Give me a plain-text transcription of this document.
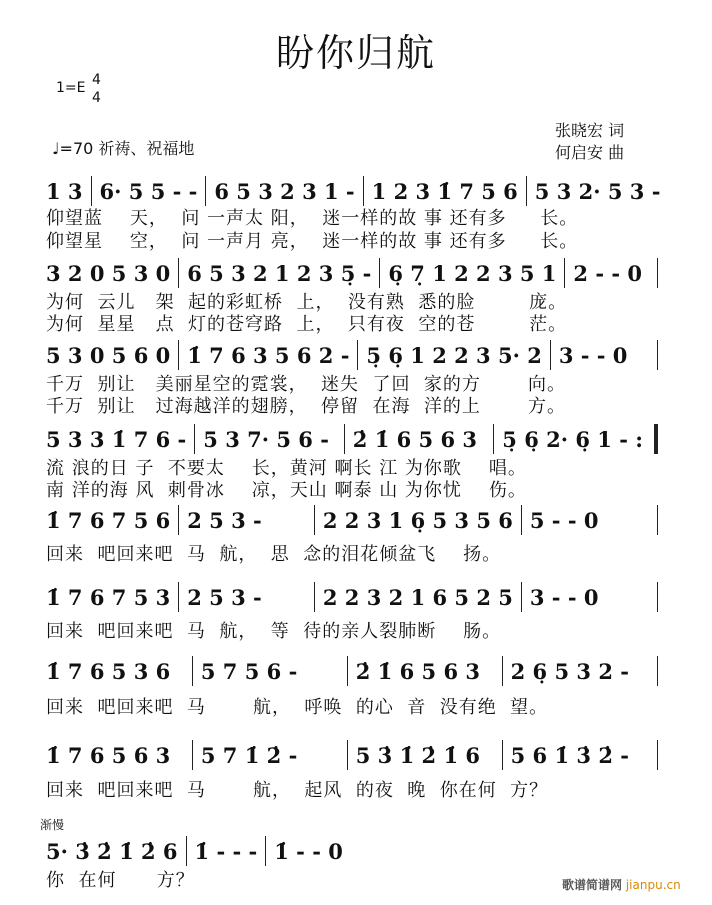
盼你归航
1=E 4
4
♩=70 祈祷、祝福地
张晓宏 词
何启安 曲
渐慢
1 3 6· 5 5 - - 6 5 3 2 3 1 - 1 2 3 1̇ 7 5 6 5 3 2· 5 3 -
仰望蓝    天，  问 一声太 阳，  迷一样的故 事 还有多     长。
仰望星    空，  问 一声月 亮，  迷一样的故 事 还有多     长。
3 2 0 5 3 0 6 5 3 2 1 2 3 5̣ - 6̣ 7̣ 1 2 2 3 5 1 2 - - 0
为何  云儿   架  起的彩虹桥  上，  没有熟  悉的脸        庞。
为何  星星   点  灯的苍穹路  上，  只有夜  空的苍        茫。
5 3 0 5 6 0 1̇ 7 6 3 5 6 2 - 5̣ 6̣ 1 2 2 3 5· 2 3 - - 0
千万  别让   美丽星空的霓裳，  迷失  了回  家的方       向。
千万  别让   过海越洋的翅膀，  停留  在海  洋的上       方。
5 3 3 1̇ 7 6 - 5 3 7· 5 6 -	2̇ 1̇ 6 5 6 3	5̣ 6̣ 2· 6̣ 1 - :
流 浪的日 子  不要太    长，黄河 啊长 江 为你歌    唱。
南 洋的海 风  刺骨冰    凉，天山 啊泰 山 为你忧    伤。
1̇ 7 6 7 5 6 2 5 3 -	2 2 3 1 6̣ 5 3 5 6 5 - - 0
回来  吧回来吧  马  航，  思  念的泪花倾盆飞    扬。
1̇ 7 6 7 5 3 2 5 3 -	2 2 3 2 1 6 5 2 5 3 - - 0
回来  吧回来吧  马  航，  等  待的亲人裂肺断    肠。
1̇ 7 6 5 3 6	5 7 5 6 -	2̇ 1̇ 6 5 6 3	2 6̣ 5 3 2 -
回来  吧回来吧  马       航，  呼唤  的心  音  没有绝  望。
1̇ 7 6 5 6 3	5 7 1̇ 2̇ -	5 3̇ 1̇ 2̇ 1̇ 6	5 6 1̇ 3̇ 2̇ -
回来  吧回来吧  马       航，  起风  的夜  晚  你在何  方？
5· 3̇ 2̇ 1̇ 2̇ 6 1̇ - - - 1̇ - - 0
你  在何      方？	歌谱简谱网 jianpu.cn
